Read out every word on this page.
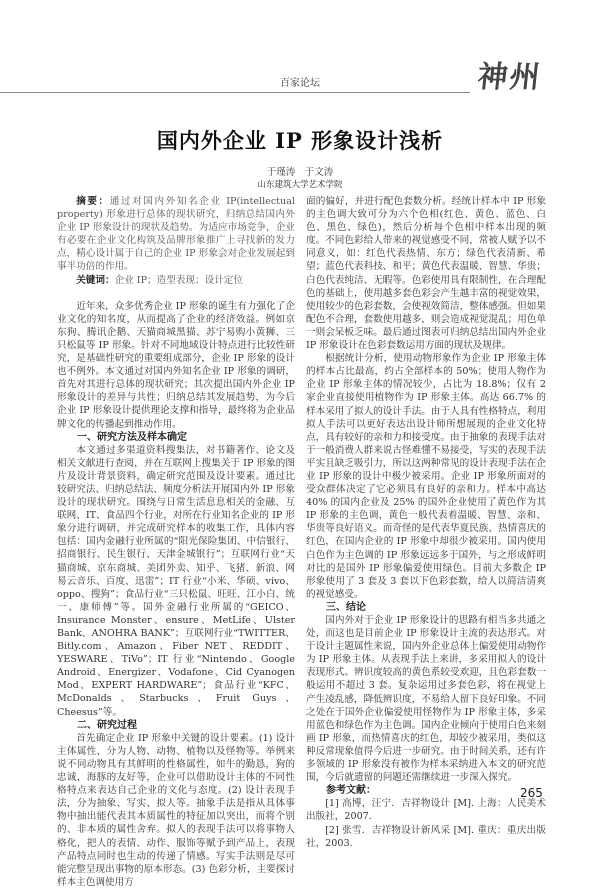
百家论坛	神州
国内外企业 IP 形象设计浅析
于瑾涛　于文涛
山东建筑大学艺术学院

摘要：通过对国内外知名企业 IP(intellectual property) 形象进行总体的现状研究，归纳总结国内外企业 IP 形象设计的现状及趋势。为适应市场竞争，企业有必要在企业文化构筑及品牌形象推广上寻找新的发力点，精心设计属于自己的企业 IP 形象会对企业发展起到事半功倍的作用。

关键词：企业 IP；造型表现；设计定位

近年来，众多优秀企业 IP 形象的诞生有力强化了企业文化的知名度，从而提高了企业的经济效益。例如京东狗、腾讯企鹅、天猫商城黑猫、苏宁易购小黄狮、三只松鼠等 IP 形象。针对不同地域设计特点进行比较性研究，是基础性研究的重要组成部分，企业 IP 形象的设计也不例外。本文通过对国内外知名企业 IP 形象的调研，首先对其进行总体的现状研究；其次提出国内外企业 IP 形象设计的差异与共性；归纳总结其发展趋势，为今后企业 IP 形象设计提供理论支撑和指导，最终将为企业品牌文化的传播起到推动作用。

一、研究方法及样本确定

本文通过多渠道资料搜集法，对书籍著作、论文及相关文献进行查阅，并在互联网上搜集关于 IP 形象的图片及设计背景资料，确定研究范围及设计要素。通过比较研究法、归纳总结法、频度分析法开展国内外 IP 形象设计的现状研究。围绕与日常生活息息相关的金融、互联网、IT、食品四个行业，对所在行业知名企业的 IP 形象分进行调研，并完成研究样本的收集工作，具体内容包括：国内金融行业所属的“阳光保险集团、中信银行、招商银行、民生银行、天津金城银行”；互联网行业“天猫商城、京东商城、美团外卖、知乎、飞猪、新浪、网易云音乐、百度、迅雷”；IT 行业“小米、华硕、vivo、oppo、搜狗”；食品行业“三只松鼠、旺旺、江小白、统一、康师傅”等。国外金融行业所属的“GEICO、Insurance Monster、ensure、MetLife、Ulster Bank、ANOHRA BANK”；互联网行业“TWITTER、Bitly.com、Amazon、Fiber NET、REDDIT、YESWARE、TiVo”；IT 行业“Nintendo、Google Android、Energizer、Vodafone、Cid Cyanogen Mod、EXPERT HARDWARE”；食品行业“KFC、McDonalds、Starbucks、Fruit Guys、Cheesus”等。

二、研究过程

首先确定企业 IP 形象中关键的设计要素。(1) 设计主体属性，分为人物、动物、植物以及怪物等。举例来说不同动物具有其鲜明的性格属性，如牛的勤恳，狗的忠诚，海豚的友好等，企业可以借助设计主体的不同性格特点来表达自己企业的文化与态度。(2) 设计表现手法，分为抽象、写实、拟人等。抽象手法是指从具体事物中抽出能代表其本质属性的特征加以突出，而将个别的、非本质的属性舍弃。拟人的表现手法可以将事物人格化，把人的表情、动作、服饰等赋予到产品上，表现产品特点同时也生动的传递了情感。写实手法则是尽可能完整呈现出事物的原本形态。(3) 色彩分析，主要探讨样本主色调使用方

面的偏好，并进行配色套数分析。经统计样本中 IP 形象的主色调大致可分为六个色相(红色、黄色、蓝色、白色、黑色、绿色)，然后分析每个色相中样本出现的频度。不同色彩给人带来的视觉感受不同，常被人赋予以不同意义，如：红色代表热情、东方；绿色代表清新、希望；蓝色代表科技、和平；黄色代表温暖、智慧、华贵；白色代表纯洁、无暇等。色彩使用具有限制性，在合理配色的基础上，使用越多套色彩会产生越丰富的视觉效果，使用较少的色彩套数，会使视效简洁，整体感强。但如果配色不合理，套数使用越多，则会造成视觉混乱；用色单一则会呆板乏味。最后通过图表可归纳总结出国内外企业 IP 形象设计在色彩套数运用方面的现状及规律。

根据统计分析，使用动物形象作为企业 IP 形象主体的样本占比最高，约占全部样本的 50%；使用人物作为企业 IP 形象主体的情况较少，占比为 18.8%；仅有 2 家企业直接使用植物作为 IP 形象主体。高达 66.7% 的样本采用了拟人的设计手法。由于人具有性格特点，利用拟人手法可以更好表达出设计师所想展现的企业文化特点，具有较好的亲和力和接受度。由于抽象的表现手法对于一般消费人群来说古怪难懂不易接受，写实的表现手法平实且缺乏吸引力，所以这两种常见的设计表现手法在企业 IP 形象的设计中极少被采用。企业 IP 形象所面对的受众群体决定了它必须具有良好的亲和力。样本中高达 40% 的国内企业及 25% 的国外企业使用了黄色作为其 IP 形象的主色调，黄色一般代表着温暖、智慧、亲和、华贵等良好语义。而奇怪的是代表华夏民族、热情喜庆的红色，在国内企业的 IP 形象中却很少被采用。国内使用白色作为主色调的 IP 形象远远多于国外，与之形成鲜明对比的是国外 IP 形象偏爱使用绿色。目前大多数企 IP 形象使用了 3 套及 3 套以下色彩套数，给人以简洁清爽的视觉感受。

三、结论

国内外对于企业 IP 形象设计的思路有相当多共通之处，而这也是目前企业 IP 形象设计主流的表达形式。对于设计主题属性来说，国内外企业总体上偏爱使用动物作为 IP 形象主体。从表现手法上来讲，多采用拟人的设计表现形式。辨识度较高的黄色系较受欢迎，且色彩套数一般运用不超过 3 套。复杂运用过多套色彩，将在视觉上产生凌乱感，降低辨识度，不易给人留下良好印象。不同之处在于国外企业偏爱使用怪物作为 IP 形象主体，多采用蓝色和绿色作为主色调。国内企业倾向于使用白色来刻画 IP 形象，而热情喜庆的红色，却较少被采用，类似这种反常现象值得今后进一步研究。由于时间关系，还有许多领域的 IP 形象没有被作为样本采纳进入本文的研究范围，今后就遗留的问题还需继续进一步深入探究。

参考文献：

[1] 高博，汪宁．吉祥物设计 [M]. 上海：人民美术出版社，2007.

[2] 张雪．吉祥物设计新风采 [M]. 重庆：重庆出版社，2003.

265
